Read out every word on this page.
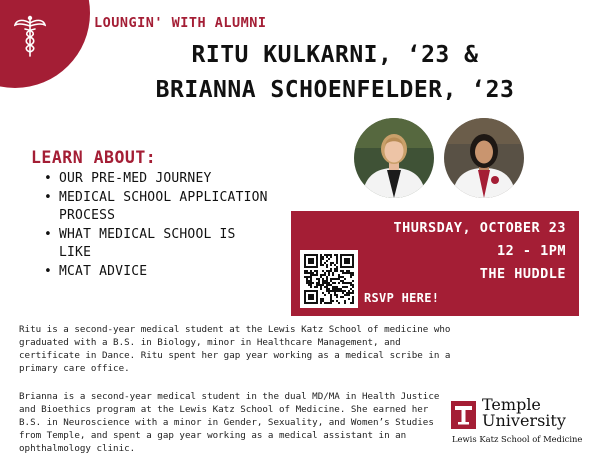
LOUNGIN' WITH ALUMNI
RITU KULKARNI, ‘23 &
BRIANNA SCHOENFELDER, ‘23
LEARN ABOUT:
• OUR PRE-MED JOURNEY
• MEDICAL SCHOOL APPLICATION PROCESS
• WHAT MEDICAL SCHOOL IS LIKE
• MCAT ADVICE
THURSDAY, OCTOBER 23
12 - 1PM
THE HUDDLE
RSVP HERE!

Ritu is a second-year medical student at the Lewis Katz School of medicine who graduated with a B.S. in Biology, minor in Healthcare Management, and certificate in Dance. Ritu spent her gap year working as a medical scribe in a primary care office.

Brianna is a second-year medical student in the dual MD/MA in Health Justice and Bioethics program at the Lewis Katz School of Medicine. She earned her B.S. in Neuroscience with a minor in Gender, Sexuality, and Women’s Studies from Temple, and spent a gap year working as a medical assistant in an ophthalmology clinic.

Temple
University
Lewis Katz School of Medicine
